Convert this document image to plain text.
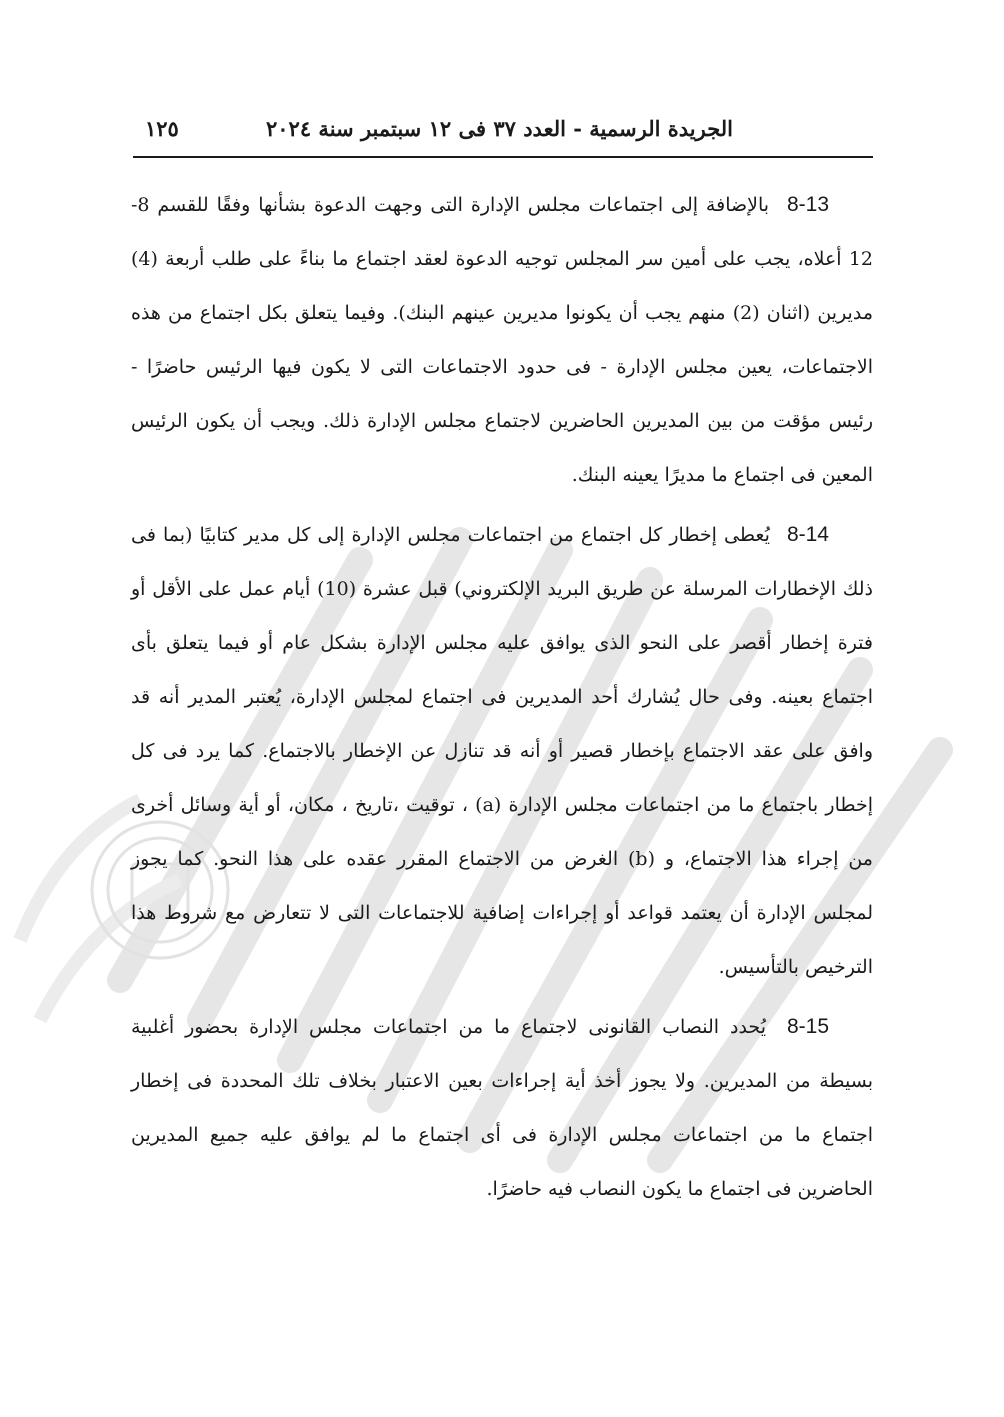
الجريدة الرسمية - العدد ٣٧ فى ١٢ سبتمبر سنة ٢٠٢٤
١٢٥

8-13 بالإضافة إلى اجتماعات مجلس الإدارة التى وجهت الدعوة بشأنها وفقًا للقسم 8-12 أعلاه، يجب على أمين سر المجلس توجيه الدعوة لعقد اجتماع ما بناءً على طلب أربعة (4) مديرين (اثنان (2) منهم يجب أن يكونوا مديرين عينهم البنك). وفيما يتعلق بكل اجتماع من هذه الاجتماعات، يعين مجلس الإدارة - فى حدود الاجتماعات التى لا يكون فيها الرئيس حاضرًا - رئيس مؤقت من بين المديرين الحاضرين لاجتماع مجلس الإدارة ذلك. ويجب أن يكون الرئيس المعين فى اجتماع ما مديرًا يعينه البنك.

8-14 يُعطى إخطار كل اجتماع من اجتماعات مجلس الإدارة إلى كل مدير كتابيًا (بما فى ذلك الإخطارات المرسلة عن طريق البريد الإلكتروني) قبل عشرة (10) أيام عمل على الأقل أو فترة إخطار أقصر على النحو الذى يوافق عليه مجلس الإدارة بشكل عام أو فيما يتعلق بأى اجتماع بعينه. وفى حال يُشارك أحد المديرين فى اجتماع لمجلس الإدارة، يُعتبر المدير أنه قد وافق على عقد الاجتماع بإخطار قصير أو أنه قد تنازل عن الإخطار بالاجتماع. كما يرد فى كل إخطار باجتماع ما من اجتماعات مجلس الإدارة (a) ، توقيت ،تاريخ ، مكان، أو أية وسائل أخرى من إجراء هذا الاجتماع، و (b) الغرض من الاجتماع المقرر عقده على هذا النحو. كما يجوز لمجلس الإدارة أن يعتمد قواعد أو إجراءات إضافية للاجتماعات التى لا تتعارض مع شروط هذا الترخيص بالتأسيس.

8-15 يُحدد النصاب القانونى لاجتماع ما من اجتماعات مجلس الإدارة بحضور أغلبية بسيطة من المديرين. ولا يجوز أخذ أية إجراءات بعين الاعتبار بخلاف تلك المحددة فى إخطار اجتماع ما من اجتماعات مجلس الإدارة فى أى اجتماع ما لم يوافق عليه جميع المديرين الحاضرين فى اجتماع ما يكون النصاب فيه حاضرًا.
